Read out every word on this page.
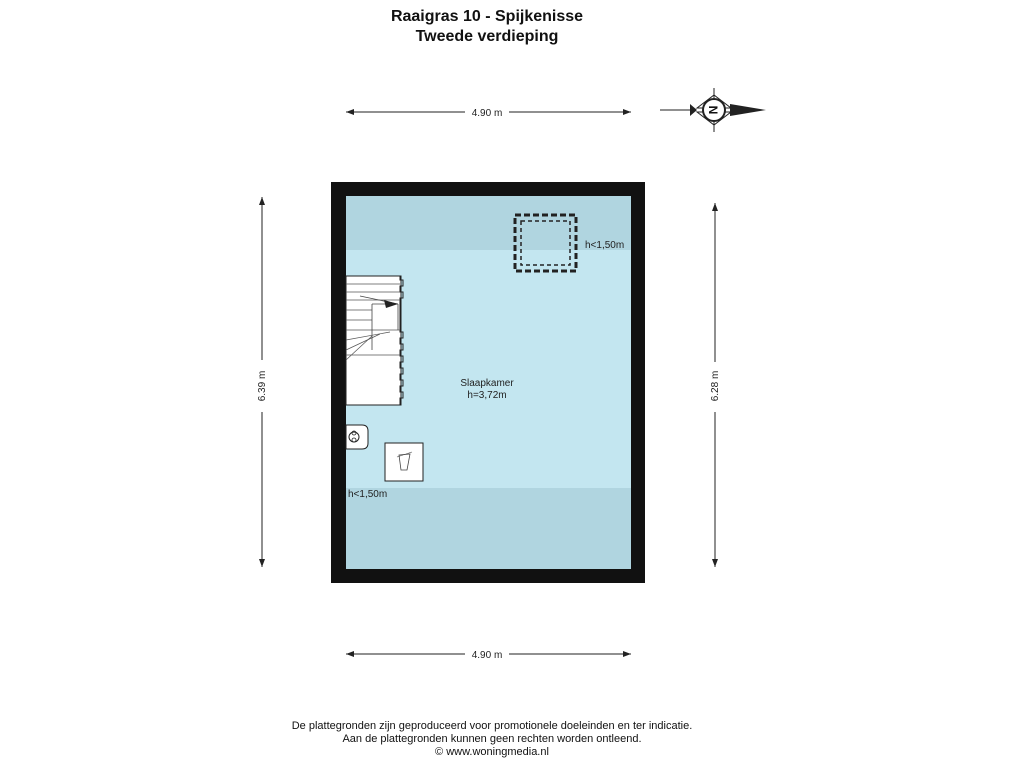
Raaigras 10 - Spijkenisse
Tweede verdieping
4.90 m	N
6.39 m	6.28 m
4.90 m
Slaapkamer
h=3,72m
h<1,50m
h<1,50m
De plattegronden zijn geproduceerd voor promotionele doeleinden en ter indicatie.
Aan de plattegronden kunnen geen rechten worden ontleend.
© www.woningmedia.nl
